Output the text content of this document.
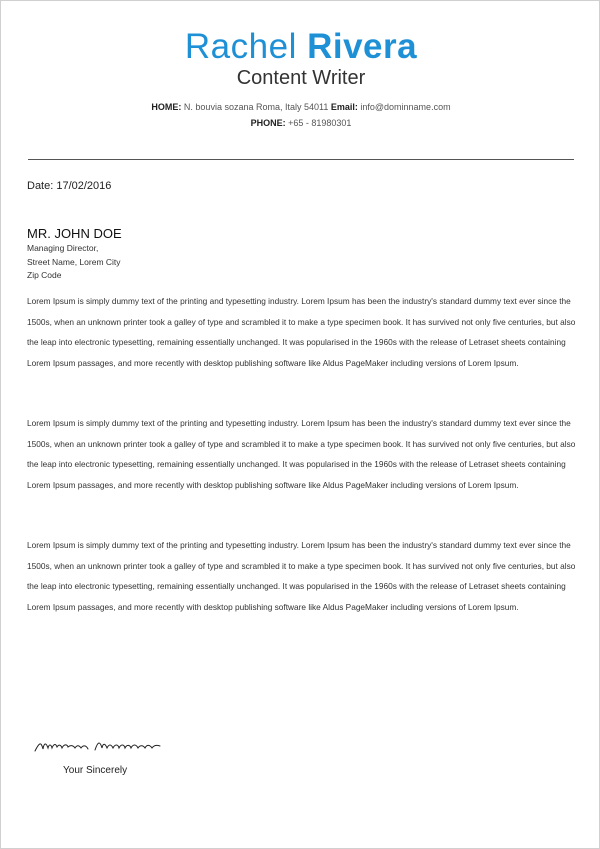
Rachel Rivera
Content Writer
HOME: N. bouvia sozana Roma, Italy 54011 Email: info@dominname.com
PHONE: +65 - 81980301
Date: 17/02/2016
MR. JOHN DOE
Managing Director,
Street Name, Lorem City
Zip Code

Lorem Ipsum is simply dummy text of the printing and typesetting industry. Lorem Ipsum has been the industry's standard dummy text ever since the 1500s, when an unknown printer took a galley of type and scrambled it to make a type specimen book. It has survived not only five centuries, but also the leap into electronic typesetting, remaining essentially unchanged. It was popularised in the 1960s with the release of Letraset sheets containing Lorem Ipsum passages, and more recently with desktop publishing software like Aldus PageMaker including versions of Lorem Ipsum.

Lorem Ipsum is simply dummy text of the printing and typesetting industry. Lorem Ipsum has been the industry's standard dummy text ever since the 1500s, when an unknown printer took a galley of type and scrambled it to make a type specimen book. It has survived not only five centuries, but also the leap into electronic typesetting, remaining essentially unchanged. It was popularised in the 1960s with the release of Letraset sheets containing Lorem Ipsum passages, and more recently with desktop publishing software like Aldus PageMaker including versions of Lorem Ipsum.

Lorem Ipsum is simply dummy text of the printing and typesetting industry. Lorem Ipsum has been the industry's standard dummy text ever since the 1500s, when an unknown printer took a galley of type and scrambled it to make a type specimen book. It has survived not only five centuries, but also the leap into electronic typesetting, remaining essentially unchanged. It was popularised in the 1960s with the release of Letraset sheets containing Lorem Ipsum passages, and more recently with desktop publishing software like Aldus PageMaker including versions of Lorem Ipsum.

Your Sincerely
